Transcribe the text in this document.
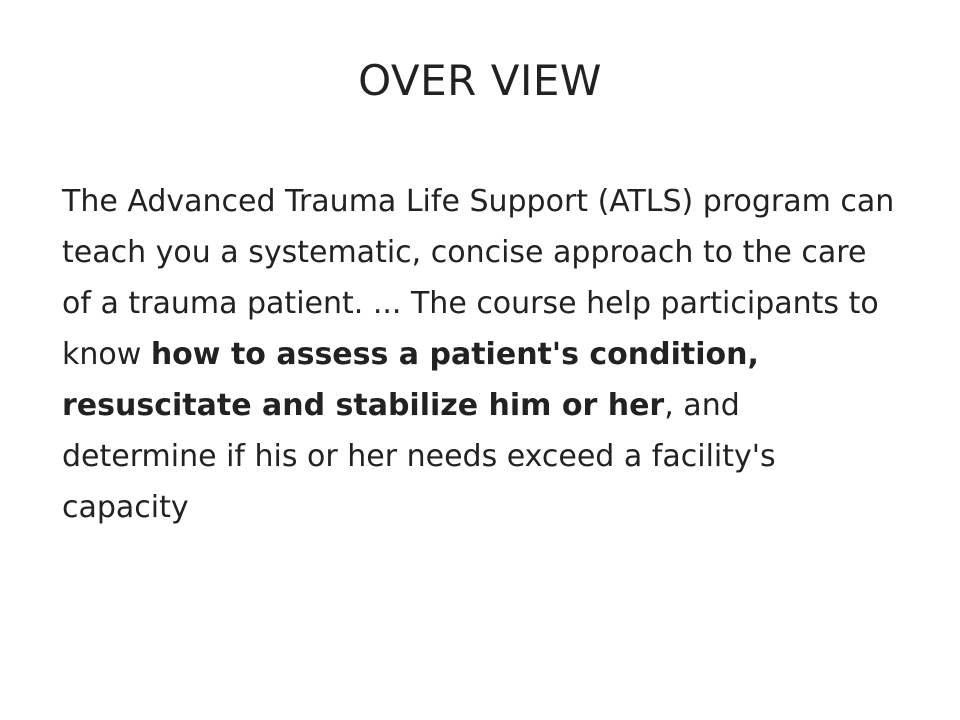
OVER VIEW

The Advanced Trauma Life Support (ATLS) program can teach you a systematic, concise approach to the care of a trauma patient. ... The course help participants to know how to assess a patient's condition, resuscitate and stabilize him or her, and determine if his or her needs exceed a facility's capacity
